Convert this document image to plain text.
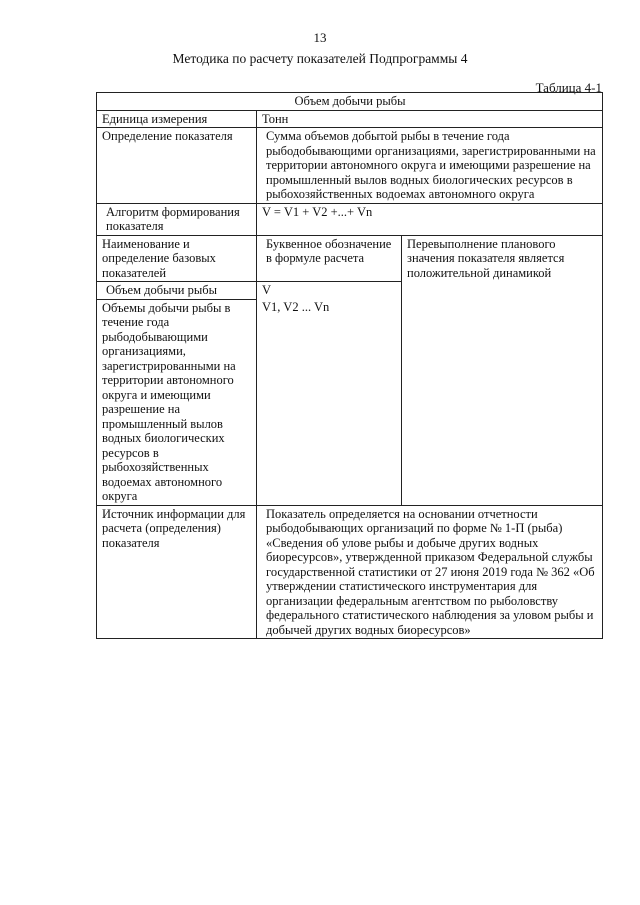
13
Методика по расчету показателей Подпрограммы 4
Таблица 4-1
Объем добычи рыбы		
Единица измерения	Тонн	
Определение показателя	Сумма объемов добытой рыбы в течение года рыбодобывающими организациями, зарегистрированными на территории автономного округа и имеющими разрешение на промышленный вылов водных биологических ресурсов в рыбохозяйственных водоемах автономного округа	
Алгоритм формирования показателя	V = V1 + V2 +...+ Vn	
Наименование и определение базовых показателей	Буквенное обозначение в формуле расчета	Перевыполнение планового значения показателя является положительной динамикой
Объем добычи рыбы	V	
Объемы добычи рыбы в течение года рыбодобывающими организациями, зарегистрированными на территории автономного округа и имеющими разрешение на промышленный вылов водных биологических ресурсов в рыбохозяйственных водоемах автономного округа	V1, V2 ... Vn	
Источник информации для расчета (определения) показателя	Показатель определяется на основании отчетности рыбодобывающих организаций по форме № 1-П (рыба) «Сведения об улове рыбы и добыче других водных биоресурсов», утвержденной приказом Федеральной службы государственной статистики от 27 июня 2019 года № 362 «Об утверждении статистического инструментария для организации федеральным агентством по рыболовству федерального статистического наблюдения за уловом рыбы и добычей других водных биоресурсов»	
